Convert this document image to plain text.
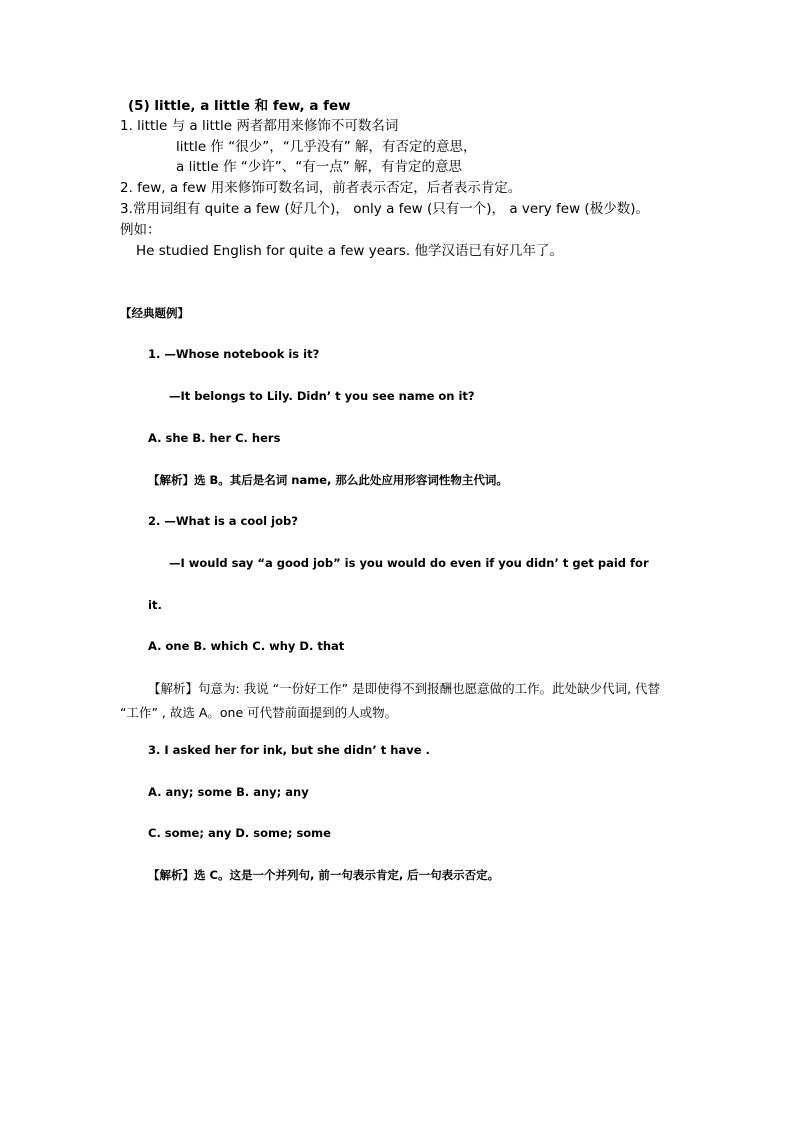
(5) little, a little 和 few, a few
1. little 与 a little 两者都用来修饰不可数名词
little 作 “很少”，“几乎没有” 解，有否定的意思，
a little 作 “少许”、“有一点” 解，有肯定的意思
2. few, a few 用来修饰可数名词，前者表示否定，后者表示肯定。
3.常用词组有 quite a few (好几个)， only a few (只有一个)， a very few (极少数)。
例如：
He studied English for quite a few years. 他学汉语已有好几年了。
【经典题例】
1. —Whose notebook is it?
—It belongs to Lily. Didn’ t you see name on it?
A. she B. her C. hers
【解析】选 B。其后是名词 name, 那么此处应用形容词性物主代词。
2. —What is a cool job?
—I would say “a good job” is you would do even if you didn’ t get paid for
it.
A. one B. which C. why D. that
【解析】句意为: 我说 “一份好工作” 是即使得不到报酬也愿意做的工作。此处缺少代词, 代替 “工作” , 故选 A。one 可代替前面提到的人或物。
3. I asked her for ink, but she didn’ t have .
A. any; some B. any; any
C. some; any D. some; some
【解析】选 C。这是一个并列句, 前一句表示肯定, 后一句表示否定。
